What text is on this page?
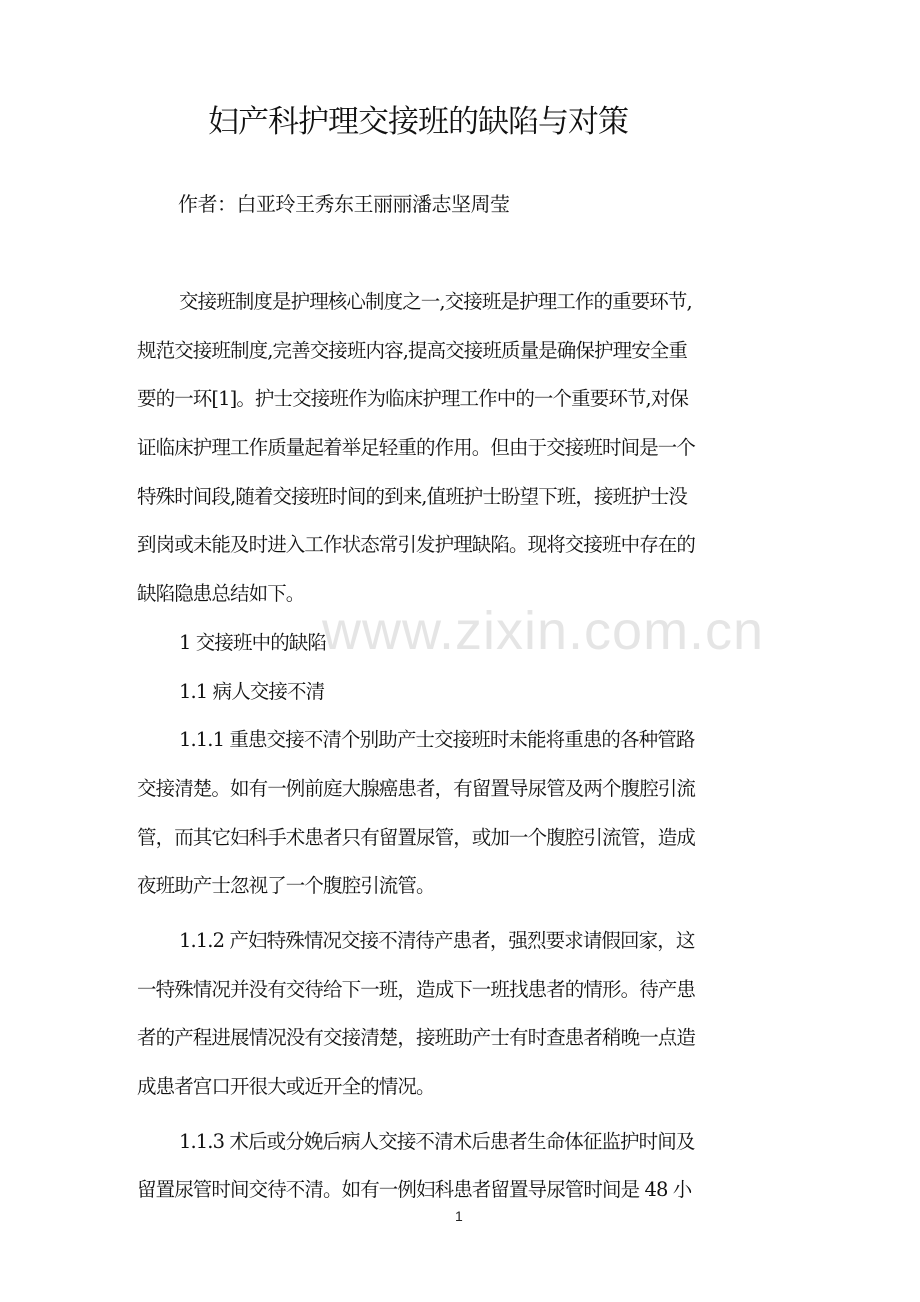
妇产科护理交接班的缺陷与对策
作者：白亚玲王秀东王丽丽潘志坚周莹
交接班制度是护理核心制度之一,交接班是护理工作的重要环节,
规范交接班制度,完善交接班内容,提高交接班质量是确保护理安全重
要的一环[1]。护士交接班作为临床护理工作中的一个重要环节,对保
证临床护理工作质量起着举足轻重的作用。但由于交接班时间是一个
特殊时间段,随着交接班时间的到来,值班护士盼望下班，接班护士没
到岗或未能及时进入工作状态常引发护理缺陷。现将交接班中存在的
缺陷隐患总结如下。
1 交接班中的缺陷
1.1 病人交接不清
1.1.1 重患交接不清个别助产士交接班时未能将重患的各种管路
交接清楚。如有一例前庭大腺癌患者，有留置导尿管及两个腹腔引流
管，而其它妇科手术患者只有留置尿管，或加一个腹腔引流管，造成
夜班助产士忽视了一个腹腔引流管。
1.1.2 产妇特殊情况交接不清待产患者，强烈要求请假回家，这
一特殊情况并没有交待给下一班，造成下一班找患者的情形。待产患
者的产程进展情况没有交接清楚，接班助产士有时查患者稍晚一点造
成患者宫口开很大或近开全的情况。
1.1.3 术后或分娩后病人交接不清术后患者生命体征监护时间及
留置尿管时间交待不清。如有一例妇科患者留置导尿管时间是 48 小
www.zixin.com.cn
1
